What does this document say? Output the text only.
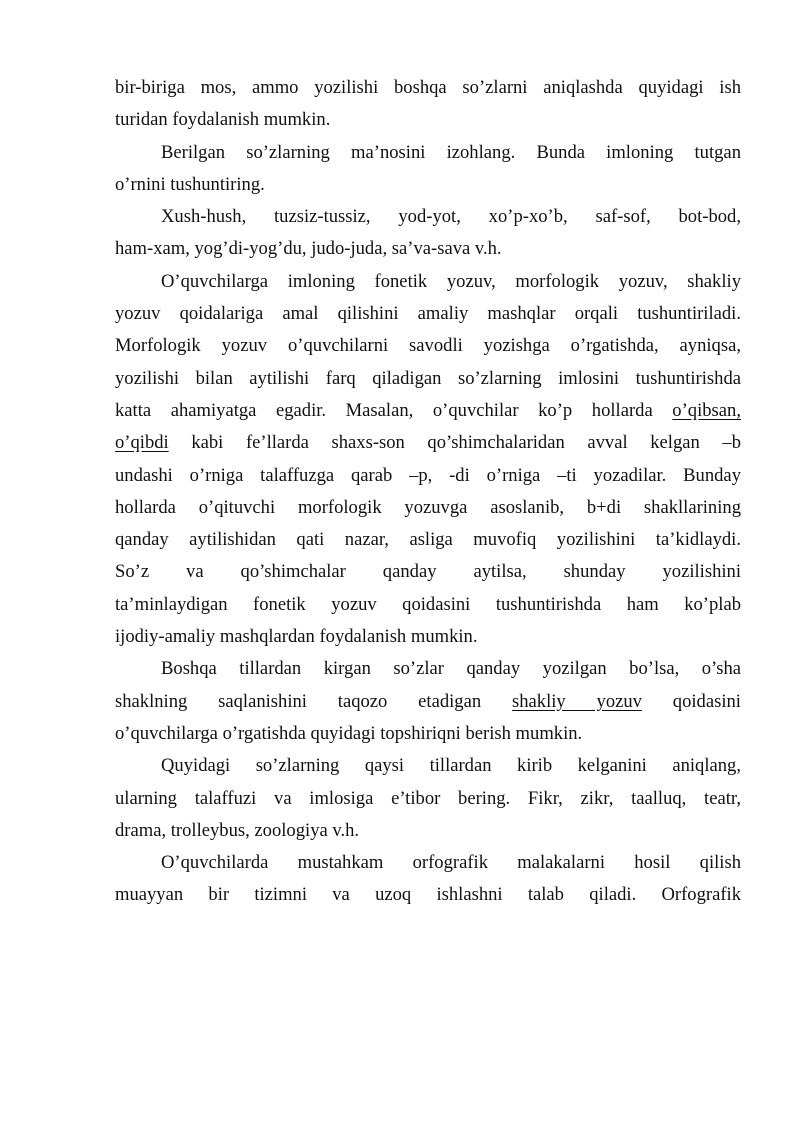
bir-biriga mos, ammo yozilishi boshqa so’zlarni aniqlashda quyidagi ish
turidan foydalanish mumkin.

Berilgan so’zlarning ma’nosini izohlang. Bunda imloning tutgan
o’rnini tushuntiring.

Xush-hush, tuzsiz-tussiz, yod-yot, xo’p-xo’b, saf-sof, bot-bod,
ham-xam, yog’di-yog’du, judo-juda, sa’va-sava v.h.

O’quvchilarga imloning fonetik yozuv, morfologik yozuv, shakliy
yozuv qoidalariga amal qilishini amaliy mashqlar orqali tushuntiriladi.
Morfologik yozuv o’quvchilarni savodli yozishga o’rgatishda, ayniqsa,
yozilishi bilan aytilishi farq qiladigan so’zlarning imlosini tushuntirishda
katta ahamiyatga egadir. Masalan, o’quvchilar ko’p hollarda o’qibsan,
o’qibdi kabi fe’llarda shaxs-son qo’shimchalaridan avval kelgan –b
undashi o’rniga talaffuzga qarab –p, -di o’rniga –ti yozadilar. Bunday
hollarda o’qituvchi morfologik yozuvga asoslanib, b+di shakllarining
qanday aytilishidan qati nazar, asliga muvofiq yozilishini ta’kidlaydi.
So’z va qo’shimchalar qanday aytilsa, shunday yozilishini
ta’minlaydigan fonetik yozuv qoidasini tushuntirishda ham ko’plab
ijodiy-amaliy mashqlardan foydalanish mumkin.

Boshqa tillardan kirgan so’zlar qanday yozilgan bo’lsa, o’sha
shaklning saqlanishini taqozo etadigan shakliy yozuv qoidasini
o’quvchilarga o’rgatishda quyidagi topshiriqni berish mumkin.

Quyidagi so’zlarning qaysi tillardan kirib kelganini aniqlang,
ularning talaffuzi va imlosiga e’tibor bering. Fikr, zikr, taalluq, teatr,
drama, trolleybus, zoologiya v.h.

O’quvchilarda mustahkam orfografik malakalarni hosil qilish
muayyan bir tizimni va uzoq ishlashni talab qiladi. Orfografik
